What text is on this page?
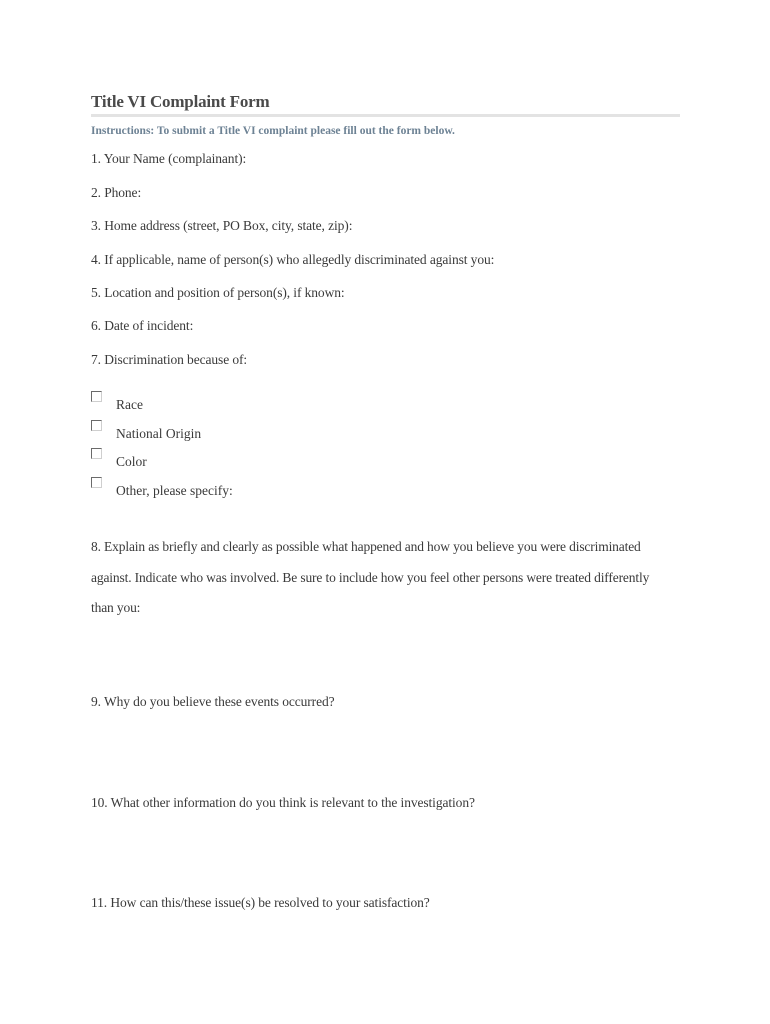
Title VI Complaint Form
Instructions: To submit a Title VI complaint please fill out the form below.
1. Your Name (complainant):
2. Phone:
3. Home address (street, PO Box, city, state, zip):
4. If applicable, name of person(s) who allegedly discriminated against you:
5. Location and position of person(s), if known:
6. Date of incident:
7. Discrimination because of:
Race
National Origin
Color
Other, please specify:
8. Explain as briefly and clearly as possible what happened and how you believe you were discriminated
against. Indicate who was involved. Be sure to include how you feel other persons were treated differently
than you:
9. Why do you believe these events occurred?
10. What other information do you think is relevant to the investigation?
11. How can this/these issue(s) be resolved to your satisfaction?
